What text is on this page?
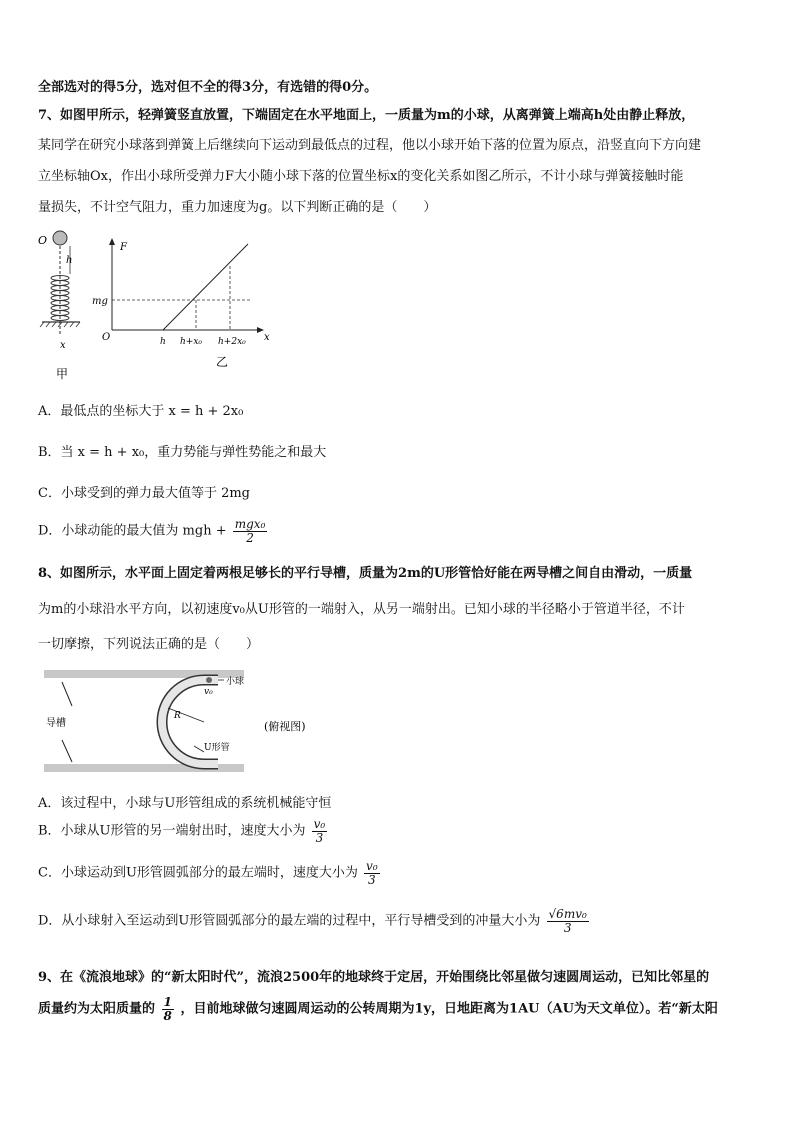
全部选对的得5分，选对但不全的得3分，有选错的得0分。
7、如图甲所示，轻弹簧竖直放置，下端固定在水平地面上，一质量为m的小球，从离弹簧上端高h处由静止释放，
某同学在研究小球落到弹簧上后继续向下运动到最低点的过程，他以小球开始下落的位置为原点，沿竖直向下方向建
立坐标轴Ox，作出小球所受弹力F大小随小球下落的位置坐标x的变化关系如图乙所示，不计小球与弹簧接触时能
量损失，不计空气阻力，重力加速度为g。以下判断正确的是（　　）
O
h
x
甲
F
mg
O	x
h h+x₀ h+2x₀
乙
A．最低点的坐标大于 x = h + 2x₀
B．当 x = h + x₀，重力势能与弹性势能之和最大
C．小球受到的弹力最大值等于 2mg
D．小球动能的最大值为 mgh + $\frac{\text{mgx₀}}{2}$
8、如图所示，水平面上固定着两根足够长的平行导槽，质量为2m的U形管恰好能在两导槽之间自由滑动，一质量
为m的小球沿水平方向，以初速度v₀从U形管的一端射入，从另一端射出。已知小球的半径略小于管道半径，不计
一切摩擦，下列说法正确的是（　　）
导槽
小球
v₀
R
U形管
(俯视图)
A．该过程中，小球与U形管组成的系统机械能守恒
B．小球从U形管的另一端射出时，速度大小为 $\frac{\text{v₀}}{3}$
C．小球运动到U形管圆弧部分的最左端时，速度大小为 $\frac{\text{v₀}}{3}$
D．从小球射入至运动到U形管圆弧部分的最左端的过程中，平行导槽受到的冲量大小为 $\frac{\text{√6mv₀}}{3}$
9、在《流浪地球》的“新太阳时代”，流浪2500年的地球终于定居，开始围绕比邻星做匀速圆周运动，已知比邻星的
质量约为太阳质量的 $\frac{1}{8}$ ，目前地球做匀速圆周运动的公转周期为1y，日地距离为1AU（AU为天文单位）。若“新太阳
